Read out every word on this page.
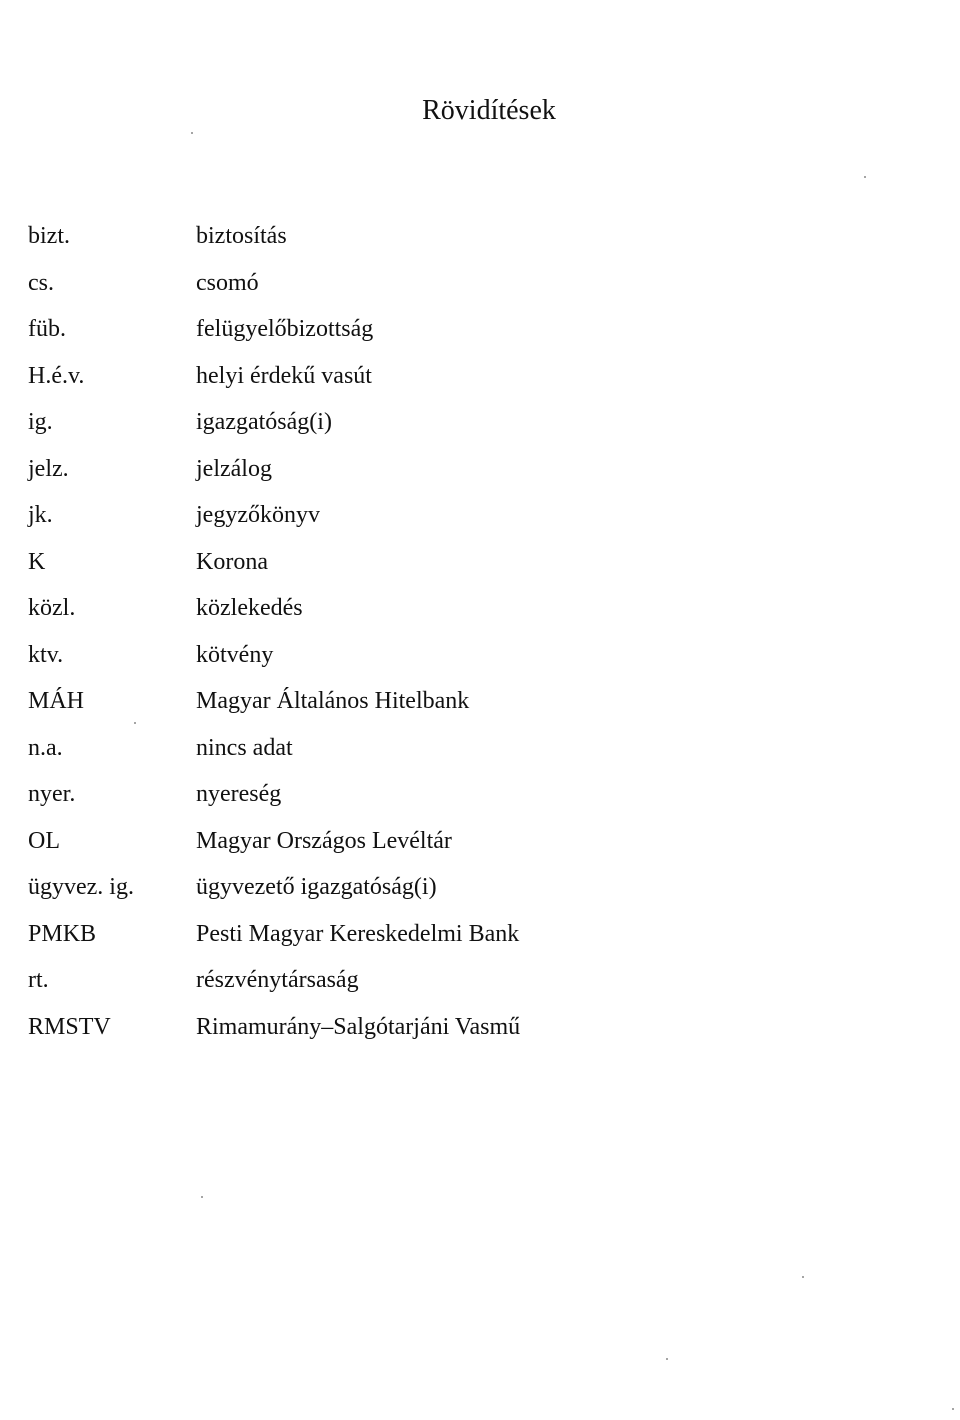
Rövidítések
bizt.	biztosítás
cs.	csomó
füb.	felügyelőbizottság
H.é.v.	helyi érdekű vasút
ig.	igazgatóság(i)
jelz.	jelzálog
jk.	jegyzőkönyv
K	Korona
közl.	közlekedés
ktv.	kötvény
MÁH	Magyar Általános Hitelbank
n.a.	nincs adat
nyer.	nyereség
OL	Magyar Országos Levéltár
ügyvez. ig.	ügyvezető igazgatóság(i)
PMKB	Pesti Magyar Kereskedelmi Bank
rt.	részvénytársaság
RMSTV	Rimamurány–Salgótarjáni Vasmű
